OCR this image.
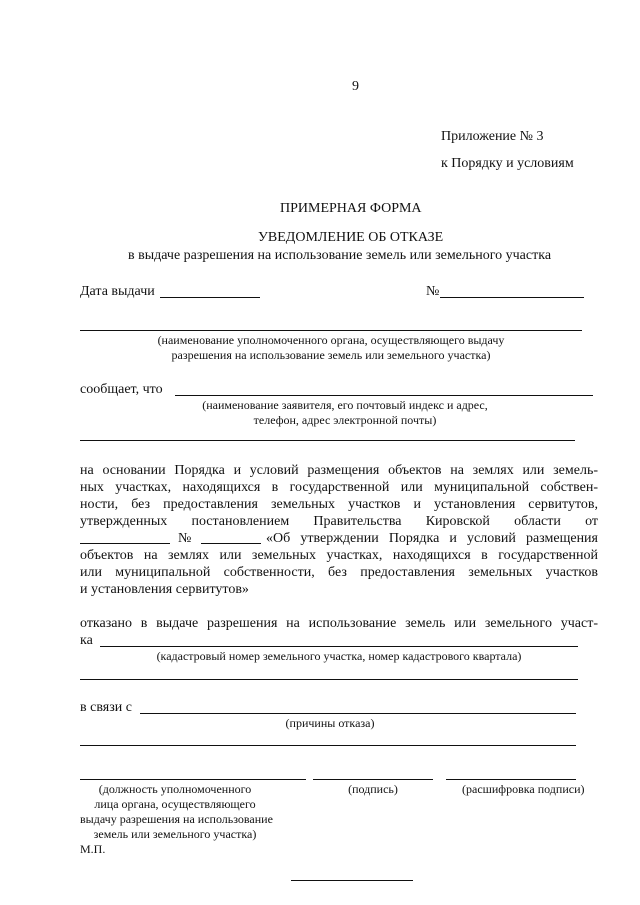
9
Приложение № 3
к Порядку и условиям
ПРИМЕРНАЯ ФОРМА
УВЕДОМЛЕНИЕ ОБ ОТКАЗЕ
в выдаче разрешения на использование земель или земельного участка
Дата выдачи	№
(наименование уполномоченного органа, осуществляющего выдачу
разрешения на использование земель или земельного участка)
сообщает, что
(наименование заявителя, его почтовый индекс и адрес,
телефон, адрес электронной почты)
на основании Порядка и условий размещения объектов на землях или земель-
ных участках, находящихся в государственной или муниципальной собствен-
ности, без предоставления земельных участков и установления сервитутов,
утвержденных постановлением Правительства Кировской области от
№	«Об утверждении Порядка и условий размещения
объектов на землях или земельных участках, находящихся в государственной
или муниципальной собственности, без предоставления земельных участков
и установления сервитутов»
отказано в выдаче разрешения на использование земель или земельного участ-
ка
(кадастровый номер земельного участка, номер кадастрового квартала)
в связи с
(причины отказа)
(должность уполномоченного
лица органа, осуществляющего
выдачу разрешения на использование
земель или земельного участка)
(подпись)	(расшифровка подписи)
М.П.
